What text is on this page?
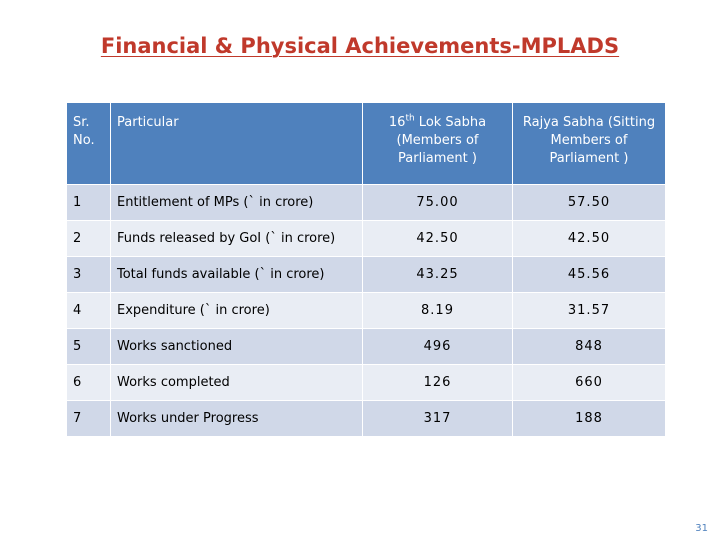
Financial & Physical Achievements-MPLADS
Sr. No.	Particular	16th Lok Sabha (Members of Parliament )	Rajya Sabha (Sitting Members of Parliament )
1	Entitlement of MPs (` in crore)	75.00	57.50
2	Funds released by GoI (` in crore)	42.50	42.50
3	Total funds available (` in crore)	43.25	45.56
4	Expenditure (` in crore)	8.19	31.57
5	Works sanctioned	496	848
6	Works completed	126	660
7	Works under Progress	317	188
31
